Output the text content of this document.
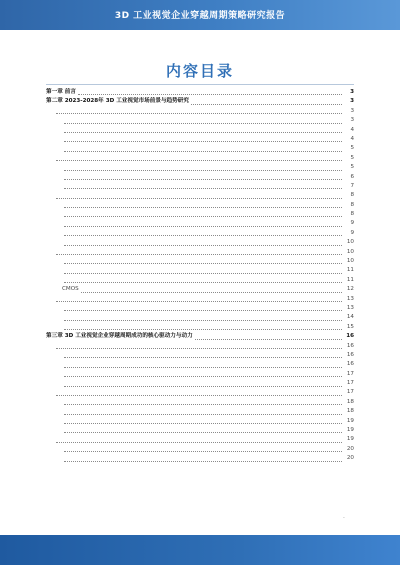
3D 工业视觉企业穿越周期策略研究报告
内容目录
第一章 前言	3
第二章 2023-2028年 3D 工业视觉市场前景与趋势研究	3
3
3
4
4
5
5
5
6
7
8
8
8
9
9
10
10
10
11
11
CMOS	12
13
13
14
15
第三章 3D 工业视觉企业穿越周期成功的核心驱动力与动力	16
16
16
16
17
17
17
18
18
19
19
19
20
20
·
